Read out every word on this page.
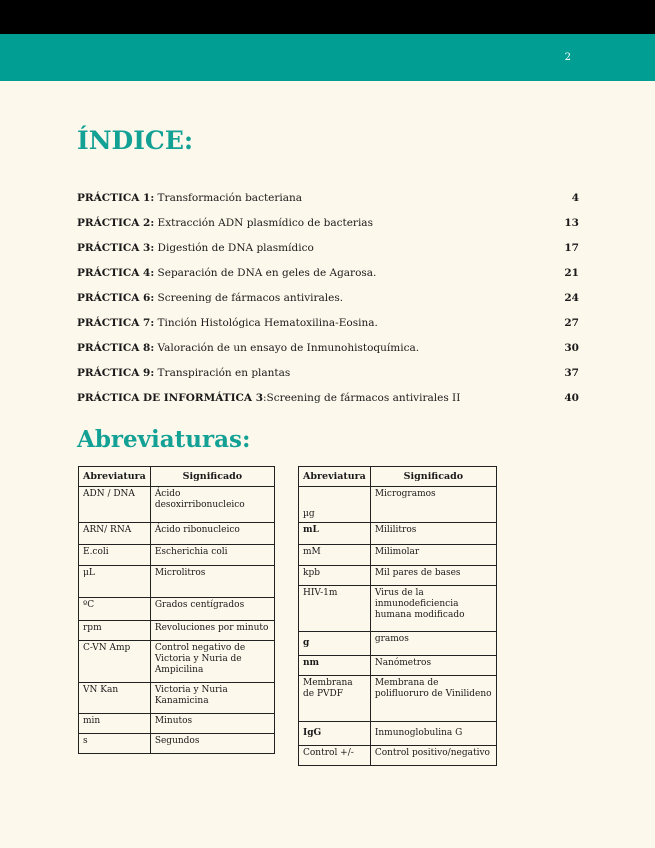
2
ÍNDICE:
PRÁCTICA 1: Transformación bacteriana	4
PRÁCTICA 2: Extracción ADN plasmídico de bacterias	13
PRÁCTICA 3: Digestión de DNA plasmídico	17
PRÁCTICA 4: Separación de DNA en geles de Agarosa.	21
PRÁCTICA 6: Screening de fármacos antivirales.	24
PRÁCTICA 7: Tinción Histológica Hematoxilina-Eosina.	27
PRÁCTICA 8: Valoración de un ensayo de Inmunohistoquímica.	30
PRÁCTICA 9: Transpiración en plantas	37
PRÁCTICA DE INFORMÁTICA 3:Screening de fármacos antivirales II	40
Abreviaturas:
Abreviatura	Significado
ADN / DNA	Ácido desoxirribonucleico
ARN/ RNA	Ácido ribonucleico
E.coli	Escherichia coli
μL	Microlitros
ºC	Grados centígrados
rpm	Revoluciones por minuto
C-VN Amp	Control negativo de Victoria y Nuria de Ampicilina
VN Kan	Victoria y Nuria Kanamicina
min	Minutos
s	Segundos
Abreviatura	Significado
µg	Microgramos
mL	Mililitros
mM	Milimolar
kpb	Mil pares de bases
HIV-1m	Virus de la inmunodeficiencia humana modificado
g	gramos
nm	Nanómetros
Membrana de PVDF	Membrana de polifluoruro de Vinilideno
IgG	Inmunoglobulina G
Control +/-	Control positivo/negativo
